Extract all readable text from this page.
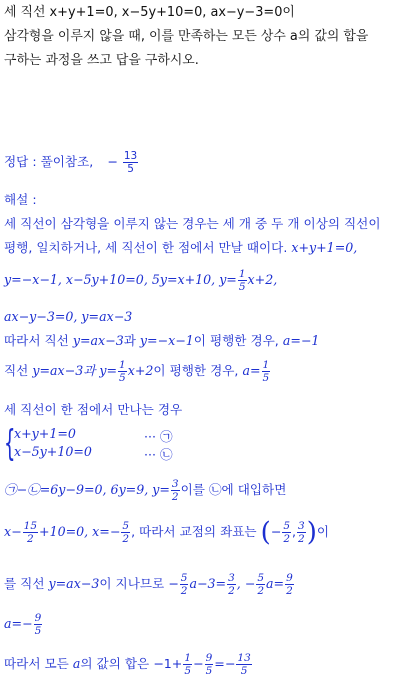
세 직선 x+y+1=0, x−5y+10=0, ax−y−3=0이
삼각형을 이루지 않을 때, 이를 만족하는 모든 상수 a의 값의 합을
구하는 과정을 쓰고 답을 구하시오.
정답 : 풀이참조, − $\frac{13}{5}$
해설 :
세 직선이 삼각형을 이루지 않는 경우는 세 개 중 두 개 이상의 직선이
평행, 일치하거나, 세 직선이 한 점에서 만날 때이다. x+y+1=0,
y=−x−1, x−5y+10=0, 5y=x+10, $y= \frac{1}{5} x+2$,
ax−y−3=0, y=ax−3
따라서 직선 y=ax−3과 y=−x−1이 평행한 경우, a=−1
직선 y=ax−3과 $y= \frac{1}{5} x+2$이 평행한 경우, $a= \frac{1}{5}$
세 직선이 한 점에서 만나는 경우
{
x+y+1=0
x−5y+10=0
··· ㉠
··· ㉡
㉠−㉡=6y−9=0, 6y=9, $y= \frac{3}{2}$ 이를 ㉡에 대입하면
$x- \frac{15}{2} +10=0$, $x=- \frac{5}{2}$ , 따라서 교점의 좌표는 (− $\frac{5}{2}$ , $\frac{3}{2}$ )이
를 직선 y=ax−3이 지나므로 − $\frac{5}{2} a-3= \frac{3}{2}$ , − $\frac{5}{2} a= \frac{9}{2}$
$a=- \frac{9}{5}$
따라서 모든 a의 값의 합은 $-1+ \frac{1}{5} - \frac{9}{5} =- \frac{13}{5}$
